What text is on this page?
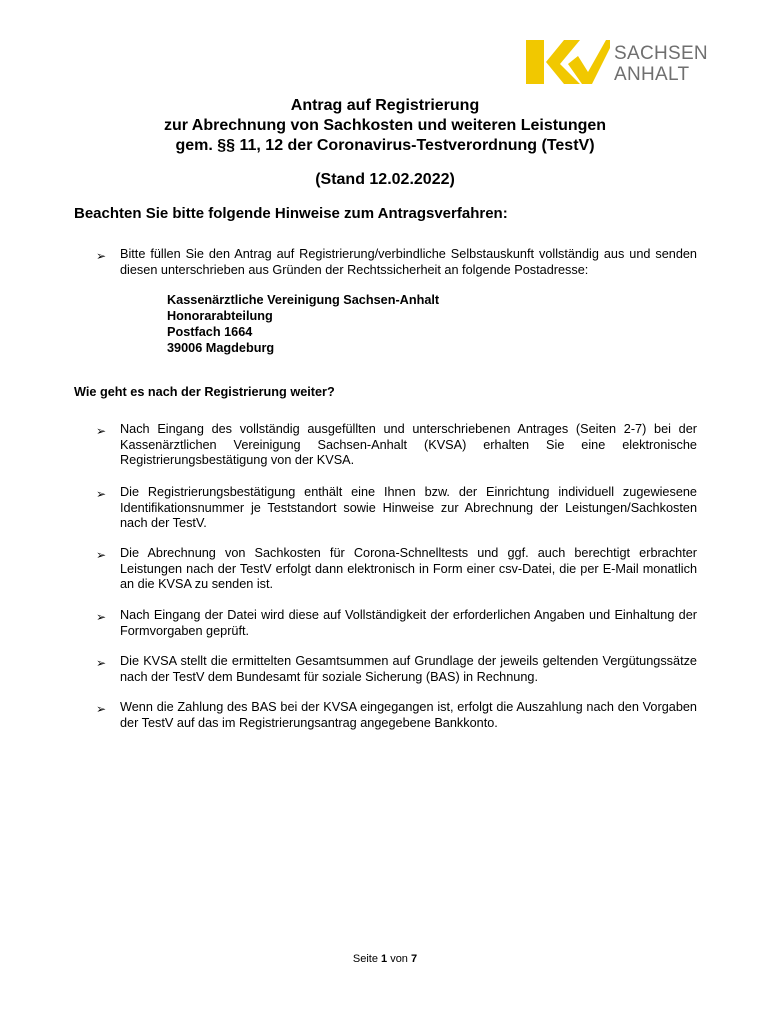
SACHSEN
ANHALT
Antrag auf Registrierung
zur Abrechnung von Sachkosten und weiteren Leistungen
gem. §§ 11, 12 der Coronavirus-Testverordnung (TestV)
(Stand 12.02.2022)
Beachten Sie bitte folgende Hinweise zum Antragsverfahren:
➢ Bitte füllen Sie den Antrag auf Registrierung/verbindliche Selbstauskunft vollständig aus und senden diesen unterschrieben aus Gründen der Rechtssicherheit an folgende Postadresse:
Kassenärztliche Vereinigung Sachsen-Anhalt
Honorarabteilung
Postfach 1664
39006 Magdeburg
Wie geht es nach der Registrierung weiter?
➢ Nach Eingang des vollständig ausgefüllten und unterschriebenen Antrages (Seiten 2-7) bei der Kassenärztlichen Vereinigung Sachsen-Anhalt (KVSA) erhalten Sie eine elektronische Registrierungsbestätigung von der KVSA.
➢ Die Registrierungsbestätigung enthält eine Ihnen bzw. der Einrichtung individuell zugewiesene Identifikationsnummer je Teststandort sowie Hinweise zur Abrechnung der Leistungen/Sachkosten nach der TestV.
➢ Die Abrechnung von Sachkosten für Corona-Schnelltests und ggf. auch berechtigt erbrachter Leistungen nach der TestV erfolgt dann elektronisch in Form einer csv-Datei, die per E-Mail monatlich an die KVSA zu senden ist.
➢ Nach Eingang der Datei wird diese auf Vollständigkeit der erforderlichen Angaben und Einhaltung der Formvorgaben geprüft.
➢ Die KVSA stellt die ermittelten Gesamtsummen auf Grundlage der jeweils geltenden Vergütungssätze nach der TestV dem Bundesamt für soziale Sicherung (BAS) in Rechnung.
➢ Wenn die Zahlung des BAS bei der KVSA eingegangen ist, erfolgt die Auszahlung nach den Vorgaben der TestV auf das im Registrierungsantrag angegebene Bankkonto.
Seite 1 von 7
